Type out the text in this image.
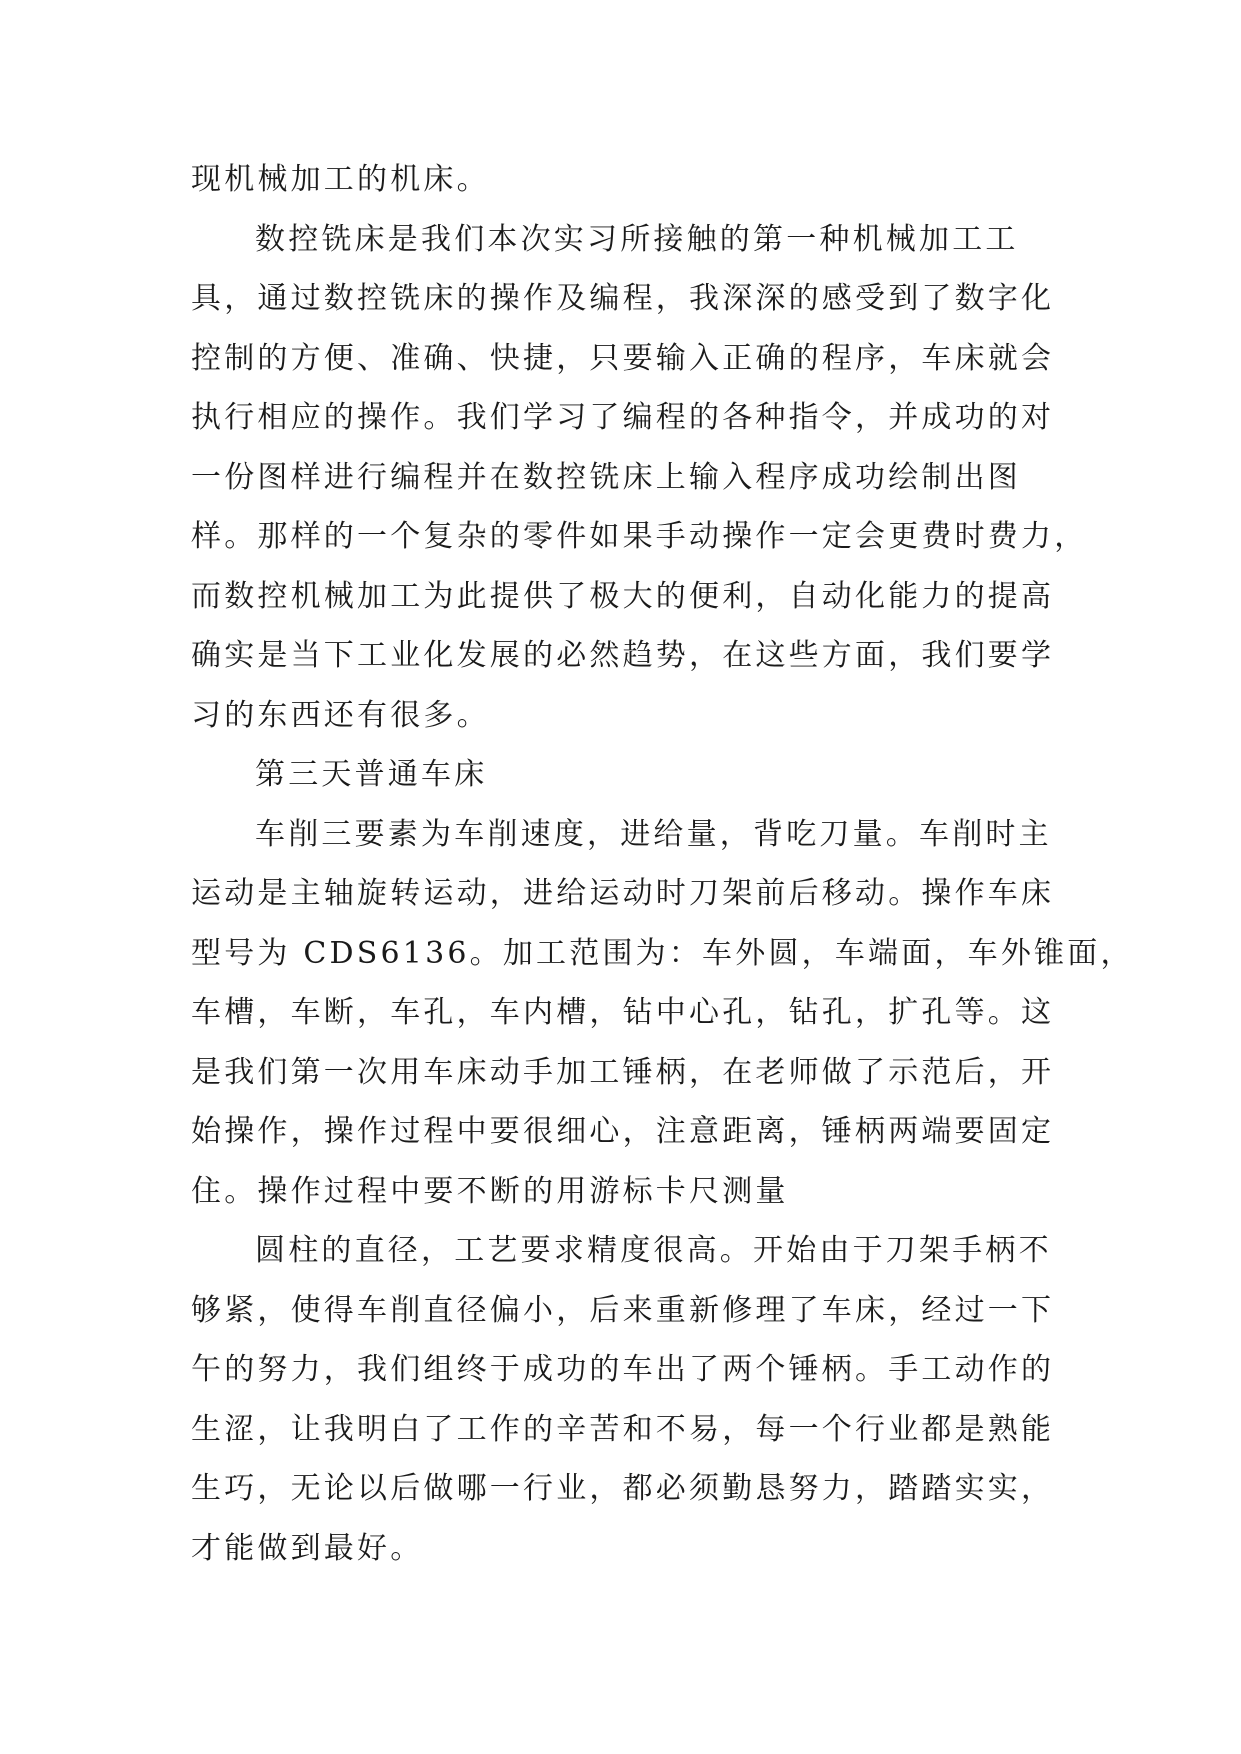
现机械加工的机床。
数控铣床是我们本次实习所接触的第一种机械加工工
具，通过数控铣床的操作及编程，我深深的感受到了数字化
控制的方便、准确、快捷，只要输入正确的程序，车床就会
执行相应的操作。我们学习了编程的各种指令，并成功的对
一份图样进行编程并在数控铣床上输入程序成功绘制出图
样。那样的一个复杂的零件如果手动操作一定会更费时费力，
而数控机械加工为此提供了极大的便利，自动化能力的提高
确实是当下工业化发展的必然趋势，在这些方面，我们要学
习的东西还有很多。
第三天普通车床
车削三要素为车削速度，进给量，背吃刀量。车削时主
运动是主轴旋转运动，进给运动时刀架前后移动。操作车床
型号为 CDS6136。加工范围为：车外圆，车端面，车外锥面，
车槽，车断，车孔，车内槽，钻中心孔，钻孔，扩孔等。这
是我们第一次用车床动手加工锤柄，在老师做了示范后，开
始操作，操作过程中要很细心，注意距离，锤柄两端要固定
住。操作过程中要不断的用游标卡尺测量
圆柱的直径，工艺要求精度很高。开始由于刀架手柄不
够紧，使得车削直径偏小，后来重新修理了车床，经过一下
午的努力，我们组终于成功的车出了两个锤柄。手工动作的
生涩，让我明白了工作的辛苦和不易，每一个行业都是熟能
生巧，无论以后做哪一行业，都必须勤恳努力，踏踏实实，
才能做到最好。
